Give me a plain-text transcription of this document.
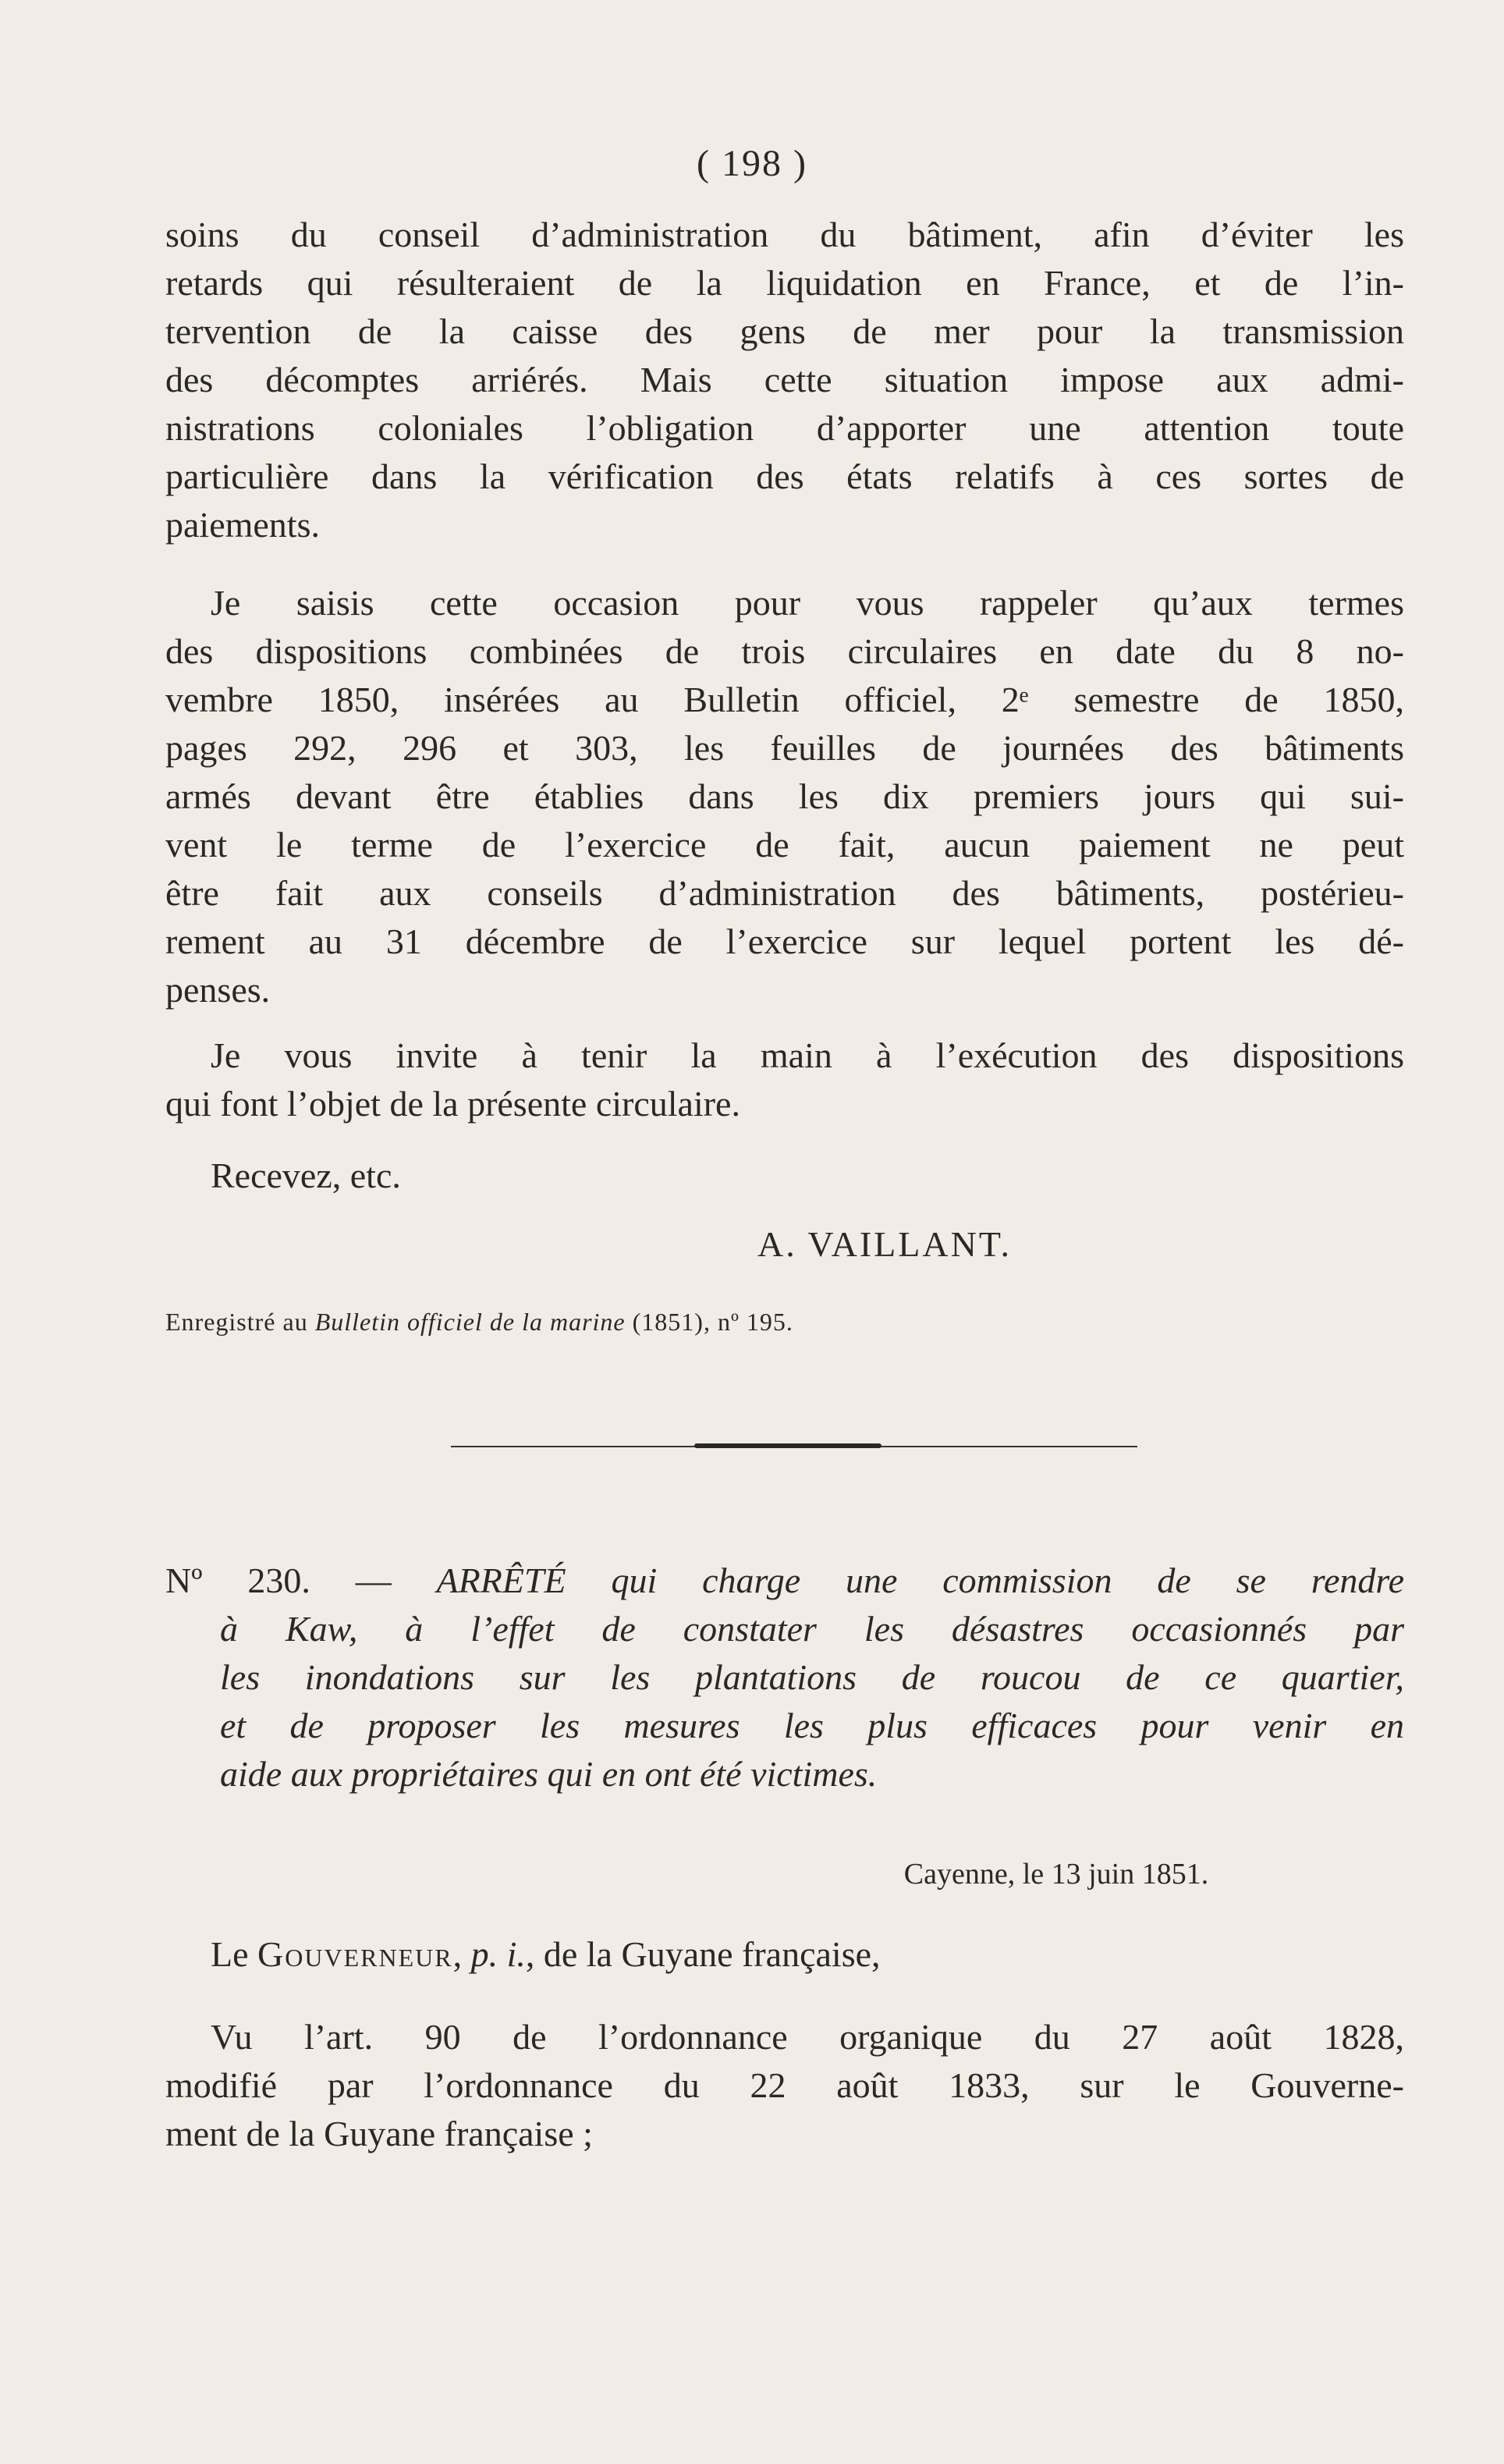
( 198 )

soins du conseil d’administration du bâtiment, afin d’éviter les
retards qui résulteraient de la liquidation en France, et de l’in-
tervention de la caisse des gens de mer pour la transmission
des décomptes arriérés. Mais cette situation impose aux admi-
nistrations coloniales l’obligation d’apporter une attention toute
particulière dans la vérification des états relatifs à ces sortes de
paiements.

Je saisis cette occasion pour vous rappeler qu’aux termes
des dispositions combinées de trois circulaires en date du 8 no-
vembre 1850, insérées au Bulletin officiel, 2ᵉ semestre de 1850,
pages 292, 296 et 303, les feuilles de journées des bâtiments
armés devant être établies dans les dix premiers jours qui sui-
vent le terme de l’exercice de fait, aucun paiement ne peut
être fait aux conseils d’administration des bâtiments, postérieu-
rement au 31 décembre de l’exercice sur lequel portent les dé-
penses.

Je vous invite à tenir la main à l’exécution des dispositions
qui font l’objet de la présente circulaire.

Recevez, etc.

A. VAILLANT.
Enregistré au Bulletin officiel de la marine (1851), nº 195.
Nº 230. — ARRÊTÉ qui charge une commission de se rendre
à Kaw, à l’effet de constater les désastres occasionnés par
les inondations sur les plantations de roucou de ce quartier,
et de proposer les mesures les plus efficaces pour venir en
aide aux propriétaires qui en ont été victimes.
Cayenne, le 13 juin 1851.
Le Gouverneur, p. i., de la Guyane française,

Vu l’art. 90 de l’ordonnance organique du 27 août 1828,
modifié par l’ordonnance du 22 août 1833, sur le Gouverne-
ment de la Guyane française ;
